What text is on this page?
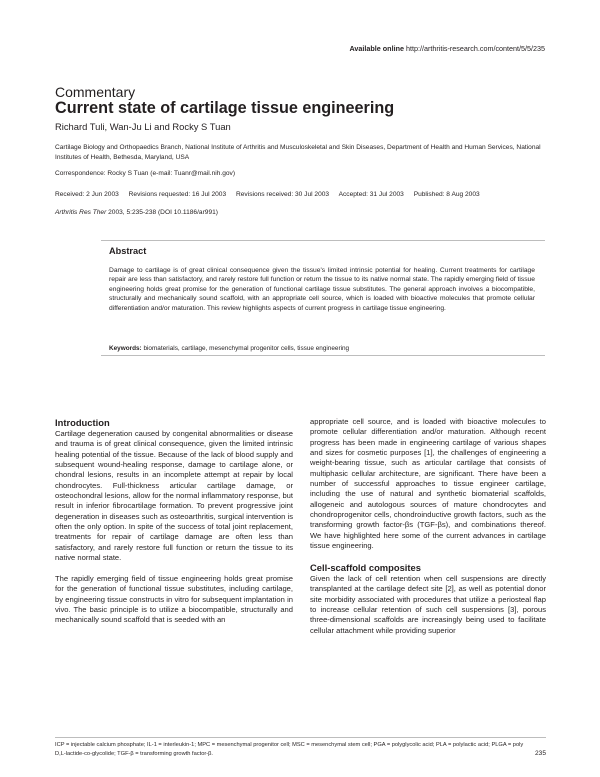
Available online http://arthritis-research.com/content/5/5/235
Commentary
Current state of cartilage tissue engineering
Richard Tuli, Wan-Ju Li and Rocky S Tuan
Cartilage Biology and Orthopaedics Branch, National Institute of Arthritis and Musculoskeletal and Skin Diseases, Department of Health and Human Services, National Institutes of Health, Bethesda, Maryland, USA
Correspondence: Rocky S Tuan (e-mail: Tuanr@mail.nih.gov)
Received: 2 Jun 2003 Revisions requested: 16 Jul 2003 Revisions received: 30 Jul 2003 Accepted: 31 Jul 2003 Published: 8 Aug 2003
Arthritis Res Ther 2003, 5:235-238 (DOI 10.1186/ar991)
Abstract

Damage to cartilage is of great clinical consequence given the tissue's limited intrinsic potential for healing. Current treatments for cartilage repair are less than satisfactory, and rarely restore full function or return the tissue to its native normal state. The rapidly emerging field of tissue engineering holds great promise for the generation of functional cartilage tissue substitutes. The general approach involves a biocompatible, structurally and mechanically sound scaffold, with an appropriate cell source, which is loaded with bioactive molecules that promote cellular differentiation and/or maturation. This review highlights aspects of current progress in cartilage tissue engineering.

Keywords: biomaterials, cartilage, mesenchymal progenitor cells, tissue engineering
Introduction

Cartilage degeneration caused by congenital abnormalities or disease and trauma is of great clinical consequence, given the limited intrinsic healing potential of the tissue. Because of the lack of blood supply and subsequent wound-healing response, damage to cartilage alone, or chondral lesions, results in an incomplete attempt at repair by local chondrocytes. Full-thickness articular cartilage damage, or osteochondral lesions, allow for the normal inflammatory response, but result in inferior fibrocartilage formation. To prevent progressive joint degeneration in diseases such as osteoarthritis, surgical intervention is often the only option. In spite of the success of total joint replacement, treatments for repair of cartilage damage are often less than satisfactory, and rarely restore full function or return the tissue to its native normal state.

The rapidly emerging field of tissue engineering holds great promise for the generation of functional tissue substitutes, including cartilage, by engineering tissue constructs in vitro for subsequent implantation in vivo. The basic principle is to utilize a biocompatible, structurally and mechanically sound scaffold that is seeded with an

appropriate cell source, and is loaded with bioactive molecules to promote cellular differentiation and/or maturation. Although recent progress has been made in engineering cartilage of various shapes and sizes for cosmetic purposes [1], the challenges of engineering a weight-bearing tissue, such as articular cartilage that consists of multiphasic cellular architecture, are significant. There have been a number of successful approaches to tissue engineer cartilage, including the use of natural and synthetic biomaterial scaffolds, allogeneic and autologous sources of mature chondrocytes and chondroprogenitor cells, chondroinductive growth factors, such as the transforming growth factor-βs (TGF-βs), and combinations thereof. We have highlighted here some of the current advances in cartilage tissue engineering.

Cell-scaffold composites

Given the lack of cell retention when cell suspensions are directly transplanted at the cartilage defect site [2], as well as potential donor site morbidity associated with procedures that utilize a periosteal flap to increase cellular retention of such cell suspensions [3], porous three-dimensional scaffolds are increasingly being used to facilitate cellular attachment while providing superior

ICP = injectable calcium phosphate; IL-1 = interleukin-1; MPC = mesenchymal progenitor cell; MSC = mesenchymal stem cell; PGA = polyglycolic acid; PLA = polylactic acid; PLGA = poly D,L-lactide-co-glycolide; TGF-β = transforming growth factor-β.	235
